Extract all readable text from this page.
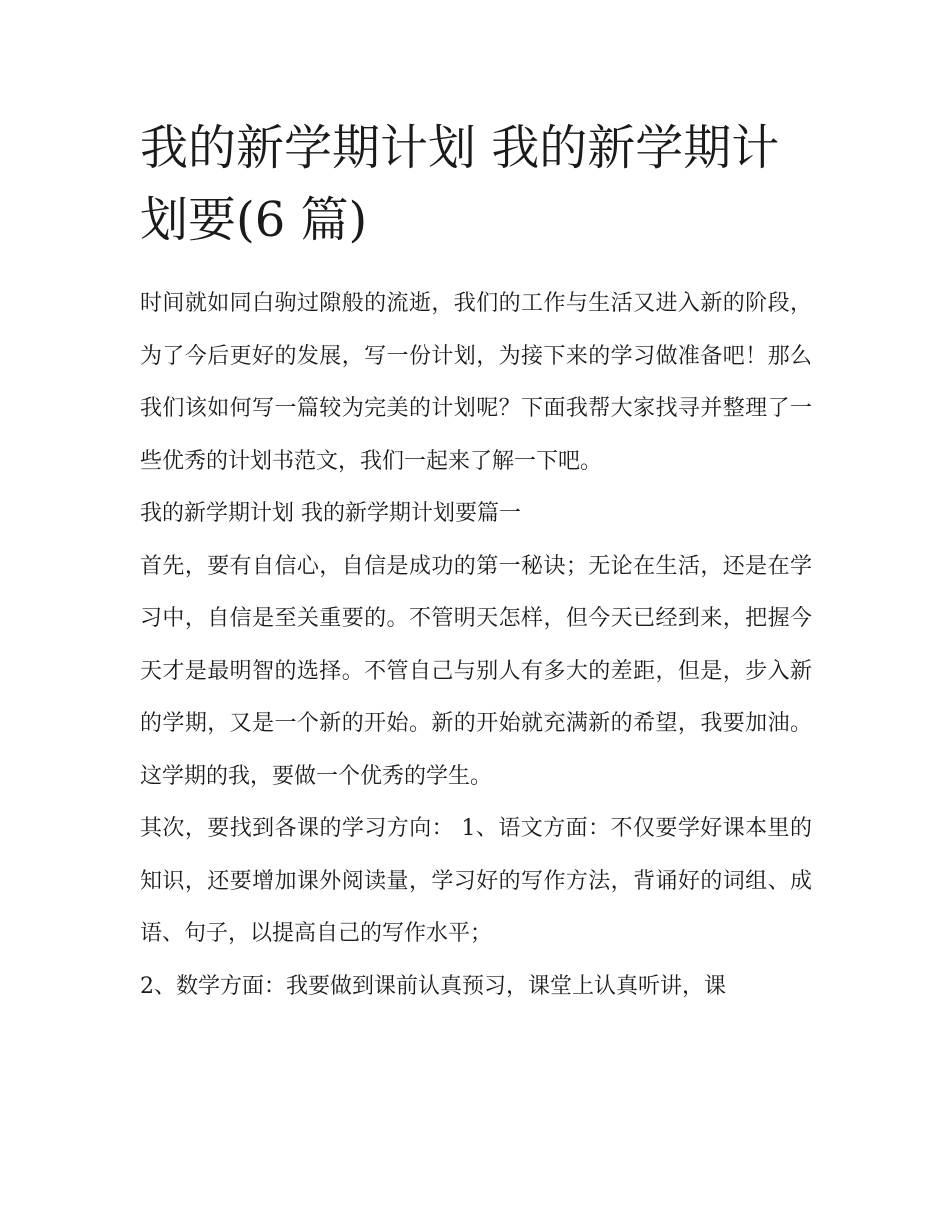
我的新学期计划 我的新学期计划要(6 篇)

时间就如同白驹过隙般的流逝，我们的工作与生活又进入新的阶段，为了今后更好的发展，写一份计划，为接下来的学习做准备吧！那么我们该如何写一篇较为完美的计划呢？下面我帮大家找寻并整理了一些优秀的计划书范文，我们一起来了解一下吧。

我的新学期计划 我的新学期计划要篇一

首先，要有自信心，自信是成功的第一秘诀；无论在生活，还是在学习中，自信是至关重要的。不管明天怎样，但今天已经到来，把握今天才是最明智的选择。不管自己与别人有多大的差距，但是，步入新的学期，又是一个新的开始。新的开始就充满新的希望，我要加油。这学期的我，要做一个优秀的学生。

其次，要找到各课的学习方向： 1、语文方面：不仅要学好课本里的知识，还要增加课外阅读量，学习好的写作方法，背诵好的词组、成语、句子，以提高自己的写作水平；

2、数学方面：我要做到课前认真预习，课堂上认真听讲，课
